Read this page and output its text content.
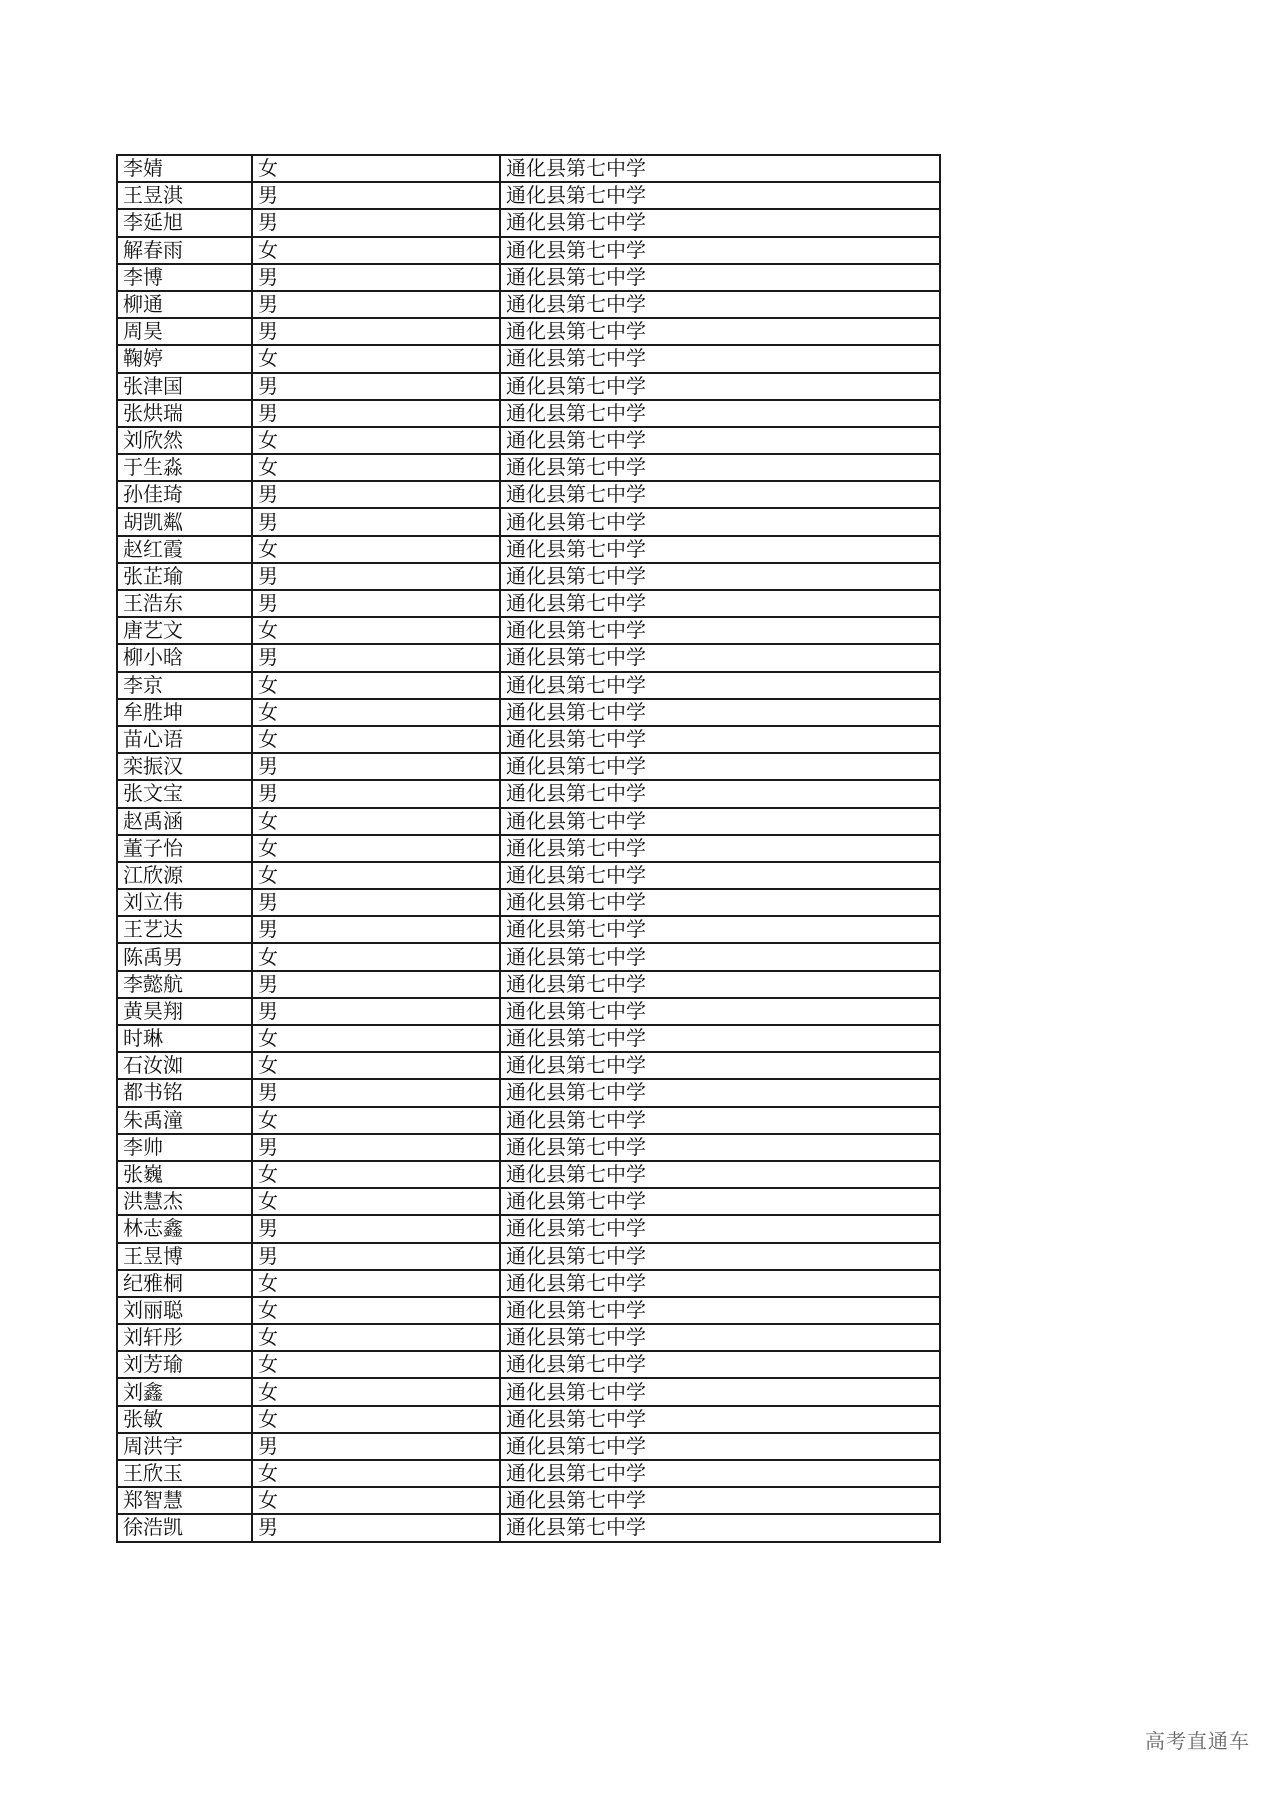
李婧	女	通化县第七中学
王昱淇	男	通化县第七中学
李延旭	男	通化县第七中学
解春雨	女	通化县第七中学
李博	男	通化县第七中学
柳通	男	通化县第七中学
周昊	男	通化县第七中学
鞠婷	女	通化县第七中学
张津国	男	通化县第七中学
张烘瑞	男	通化县第七中学
刘欣然	女	通化县第七中学
于生淼	女	通化县第七中学
孙佳琦	男	通化县第七中学
胡凯粼	男	通化县第七中学
赵红霞	女	通化县第七中学
张芷瑜	男	通化县第七中学
王浩东	男	通化县第七中学
唐艺文	女	通化县第七中学
柳小晗	男	通化县第七中学
李京	女	通化县第七中学
牟胜坤	女	通化县第七中学
苗心语	女	通化县第七中学
栾振汉	男	通化县第七中学
张文宝	男	通化县第七中学
赵禹涵	女	通化县第七中学
董子怡	女	通化县第七中学
江欣源	女	通化县第七中学
刘立伟	男	通化县第七中学
王艺达	男	通化县第七中学
陈禹男	女	通化县第七中学
李懿航	男	通化县第七中学
黄昊翔	男	通化县第七中学
时琳	女	通化县第七中学
石汝洳	女	通化县第七中学
都书铭	男	通化县第七中学
朱禹潼	女	通化县第七中学
李帅	男	通化县第七中学
张巍	女	通化县第七中学
洪慧杰	女	通化县第七中学
林志鑫	男	通化县第七中学
王昱博	男	通化县第七中学
纪雅桐	女	通化县第七中学
刘丽聪	女	通化县第七中学
刘轩彤	女	通化县第七中学
刘芳瑜	女	通化县第七中学
刘鑫	女	通化县第七中学
张敏	女	通化县第七中学
周洪宇	男	通化县第七中学
王欣玉	女	通化县第七中学
郑智慧	女	通化县第七中学
徐浩凯	男	通化县第七中学
高考直通车
